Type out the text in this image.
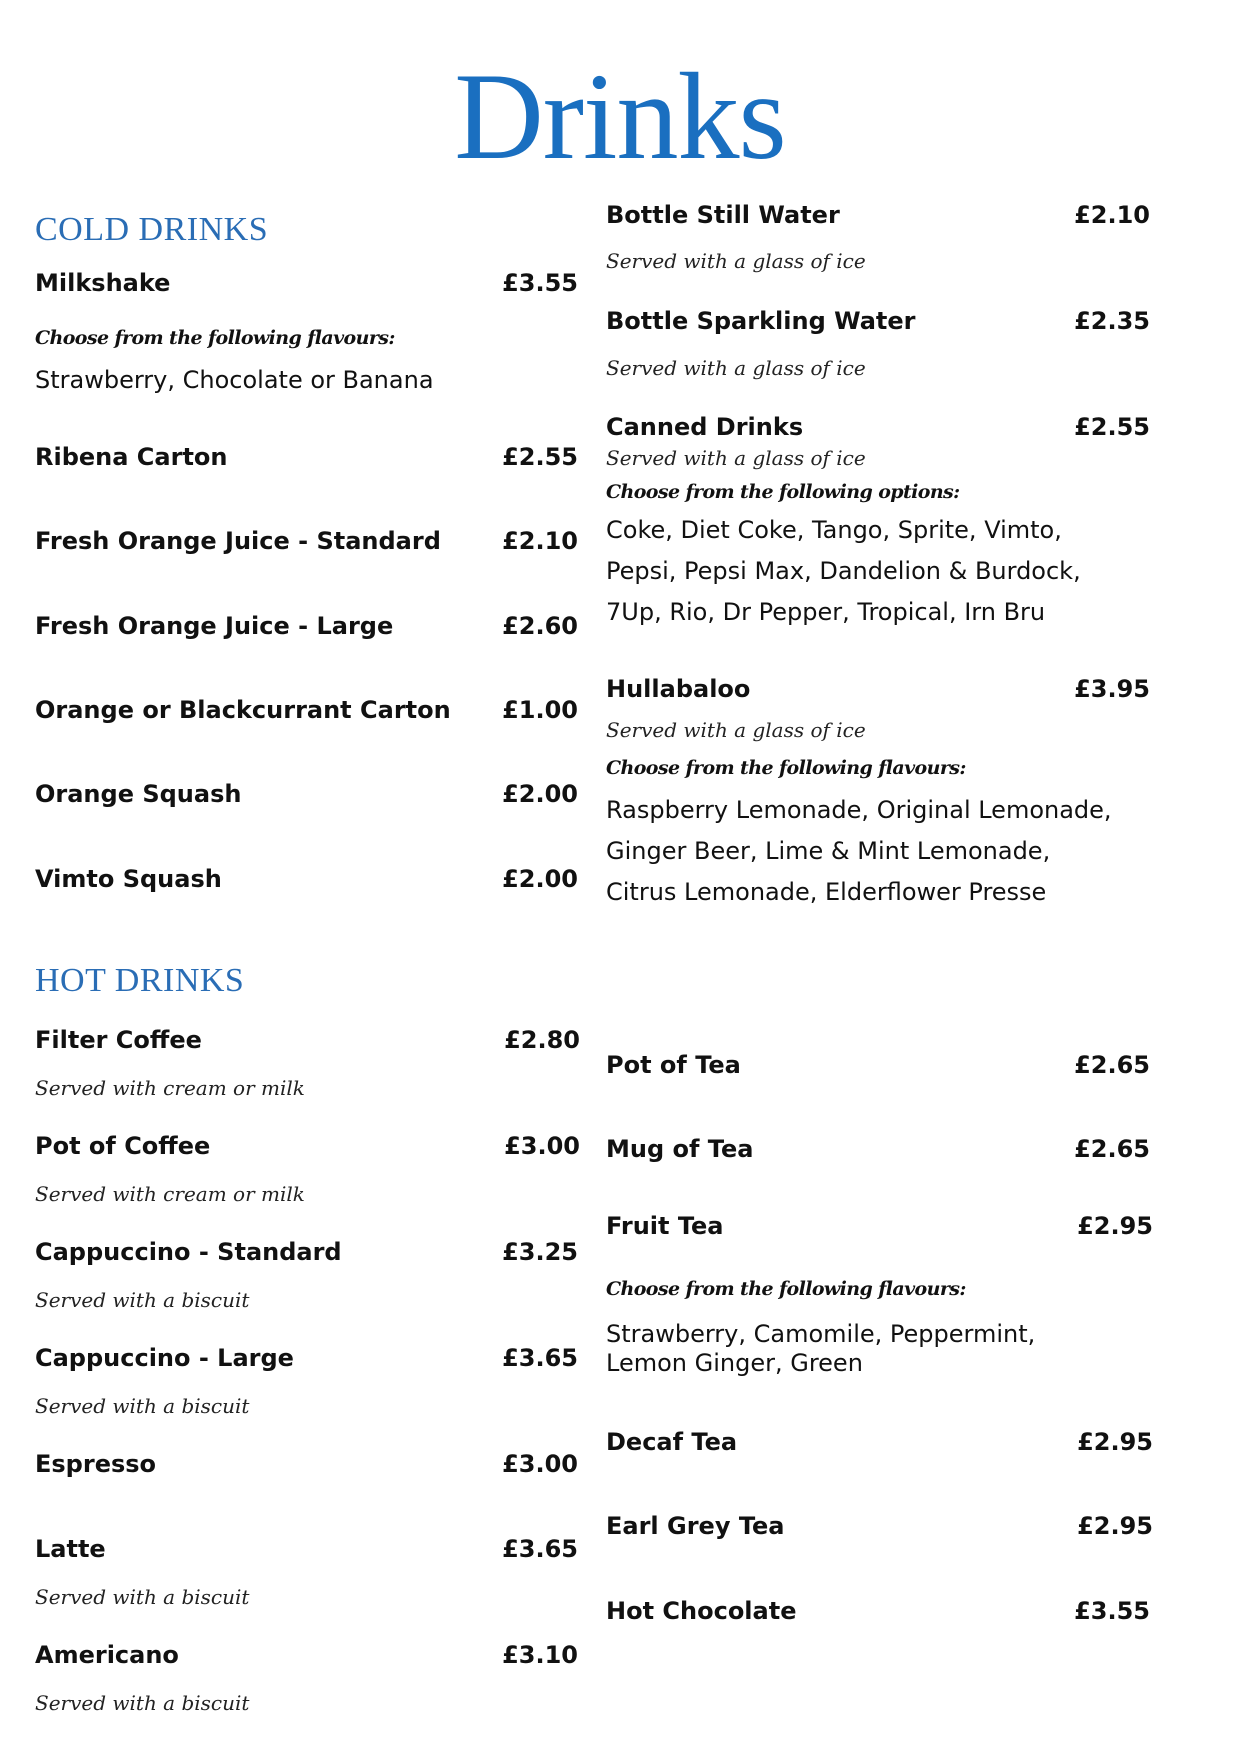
Drinks
COLD DRINKS
Milkshake	£3.55
Choose from the following flavours:
Strawberry, Chocolate or Banana
Ribena Carton	£2.55
Fresh Orange Juice - Standard	£2.10
Fresh Orange Juice - Large	£2.60
Orange or Blackcurrant Carton	£1.00
Orange Squash	£2.00
Vimto Squash	£2.00
Bottle Still Water	£2.10
Served with a glass of ice
Bottle Sparkling Water	£2.35
Served with a glass of ice
Canned Drinks	£2.55
Served with a glass of ice
Choose from the following options:
Coke, Diet Coke, Tango, Sprite, Vimto, Pepsi, Pepsi Max, Dandelion & Burdock, 7Up, Rio, Dr Pepper, Tropical, Irn Bru
Hullabaloo	£3.95
Served with a glass of ice
Choose from the following flavours:
Raspberry Lemonade, Original Lemonade, Ginger Beer, Lime & Mint Lemonade, Citrus Lemonade, Elderflower Presse
HOT DRINKS
Filter Coffee	£2.80
Served with cream or milk
Pot of Coffee	£3.00
Served with cream or milk
Cappuccino - Standard	£3.25
Served with a biscuit
Cappuccino - Large	£3.65
Served with a biscuit
Espresso	£3.00
Latte	£3.65
Served with a biscuit
Americano	£3.10
Served with a biscuit
Pot of Tea	£2.65
Mug of Tea	£2.65
Fruit Tea	£2.95
Choose from the following flavours:
Strawberry, Camomile, Peppermint, Lemon Ginger, Green
Decaf Tea	£2.95
Earl Grey Tea	£2.95
Hot Chocolate	£3.55
